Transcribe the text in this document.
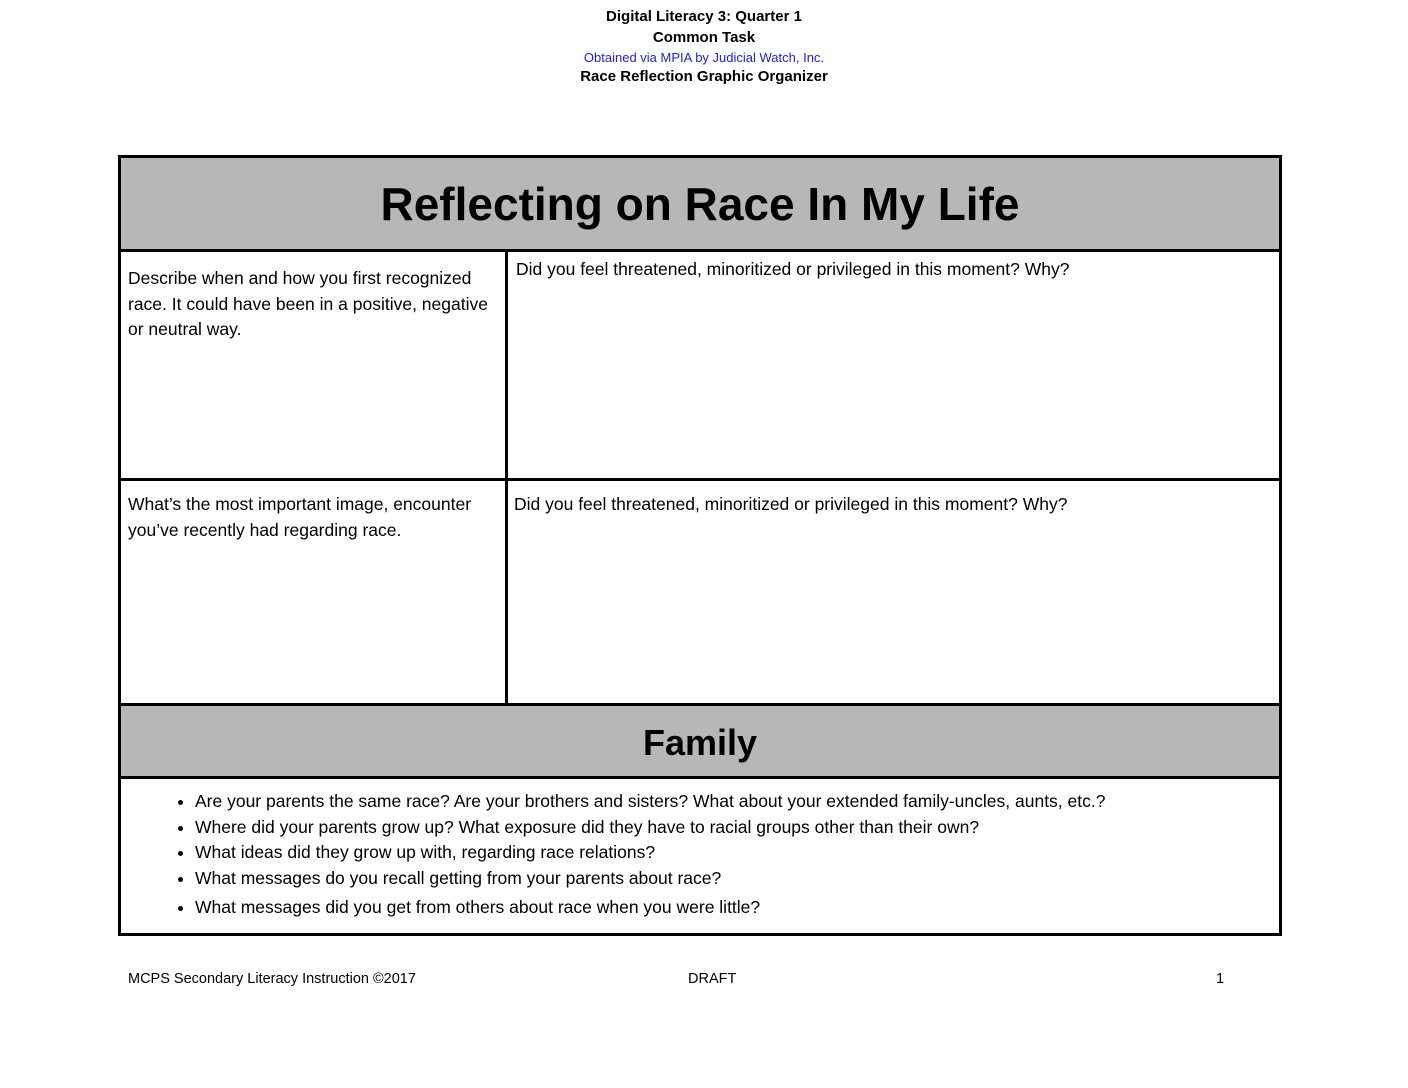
Digital Literacy 3: Quarter 1
Common Task
Obtained via MPIA by Judicial Watch, Inc.
Race Reflection Graphic Organizer
Reflecting on Race In My Life
Describe when and how you first recognized race. It could have been in a positive, negative or neutral way.
Did you feel threatened, minoritized or privileged in this moment? Why?
What’s the most important image, encounter you’ve recently had regarding race.
Did you feel threatened, minoritized or privileged in this moment? Why?
Family
• Are your parents the same race? Are your brothers and sisters? What about your extended family-uncles, aunts, etc.?
• Where did your parents grow up? What exposure did they have to racial groups other than their own?
• What ideas did they grow up with, regarding race relations?
• What messages do you recall getting from your parents about race?
• What messages did you get from others about race when you were little?
MCPS Secondary Literacy Instruction ©2017	DRAFT	1
